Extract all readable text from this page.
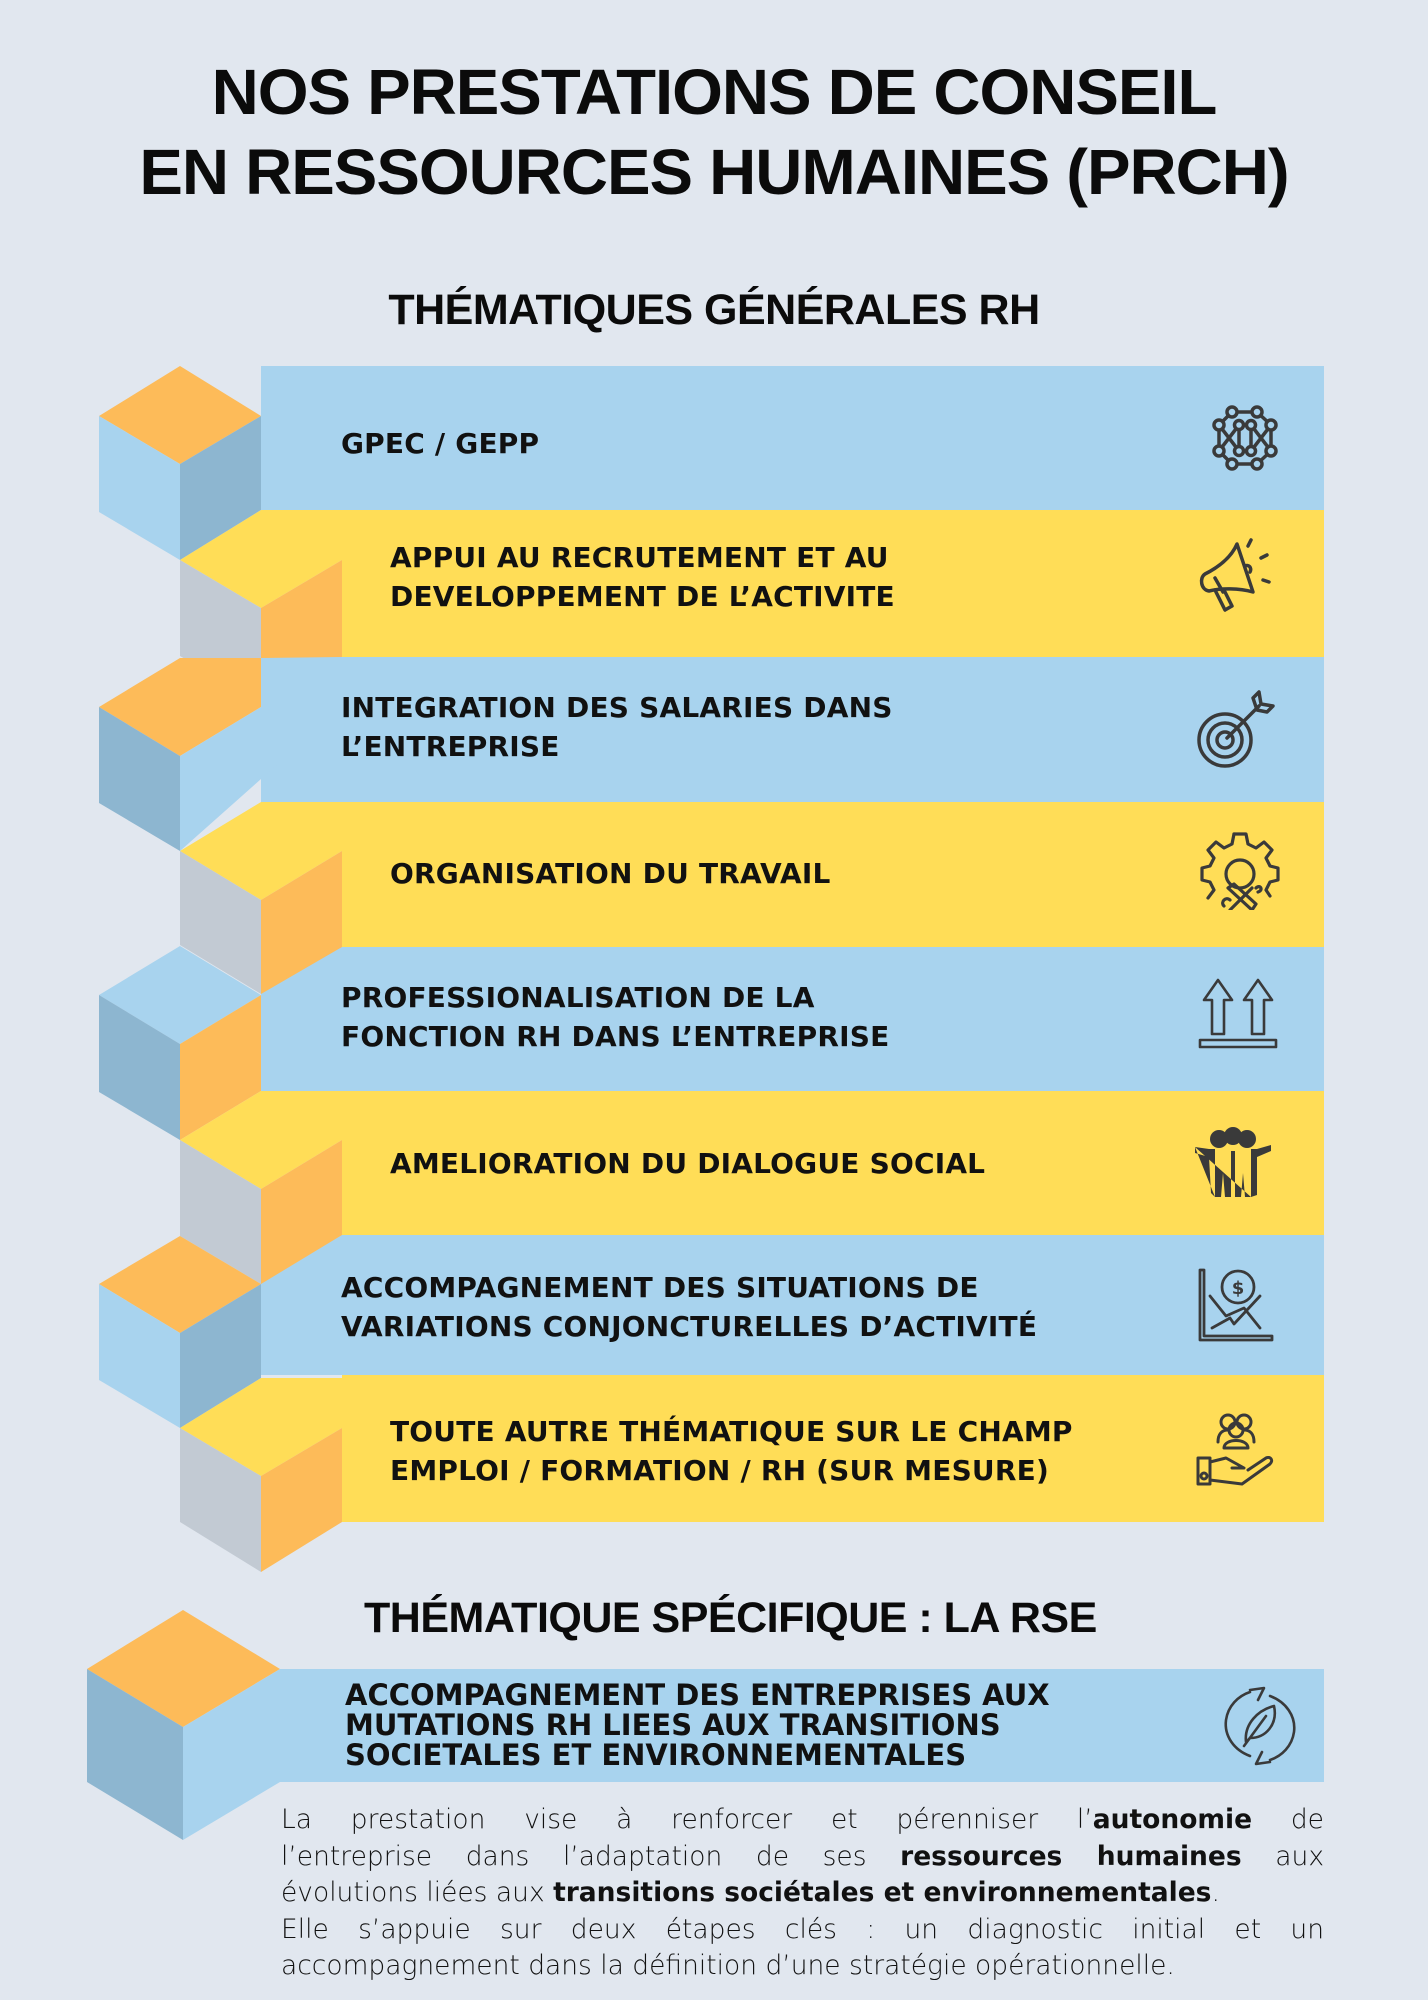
NOS PRESTATIONS DE CONSEIL
EN RESSOURCES HUMAINES (PRCH)
THÉMATIQUES GÉNÉRALES RH
GPEC / GEPP
APPUI AU RECRUTEMENT ET AU
DEVELOPPEMENT DE L’ACTIVITE
INTEGRATION DES SALARIES DANS
L’ENTREPRISE
ORGANISATION DU TRAVAIL
PROFESSIONALISATION DE LA
FONCTION RH DANS L’ENTREPRISE
AMELIORATION DU DIALOGUE SOCIAL
ACCOMPAGNEMENT DES SITUATIONS DE
VARIATIONS CONJONCTURELLES D’ACTIVITÉ
TOUTE AUTRE THÉMATIQUE SUR LE CHAMP
EMPLOI / FORMATION / RH (SUR MESURE)
$
THÉMATIQUE SPÉCIFIQUE : LA RSE
ACCOMPAGNEMENT DES ENTREPRISES AUX
MUTATIONS RH LIEES AUX TRANSITIONS
SOCIETALES ET ENVIRONNEMENTALES
La prestation vise à renforcer et pérenniser l’autonomie de
l’entreprise dans l’adaptation de ses ressources humaines aux
évolutions liées aux transitions sociétales et environnementales.
Elle s’appuie sur deux étapes clés : un diagnostic initial et un
accompagnement dans la définition d’une stratégie opérationnelle.
